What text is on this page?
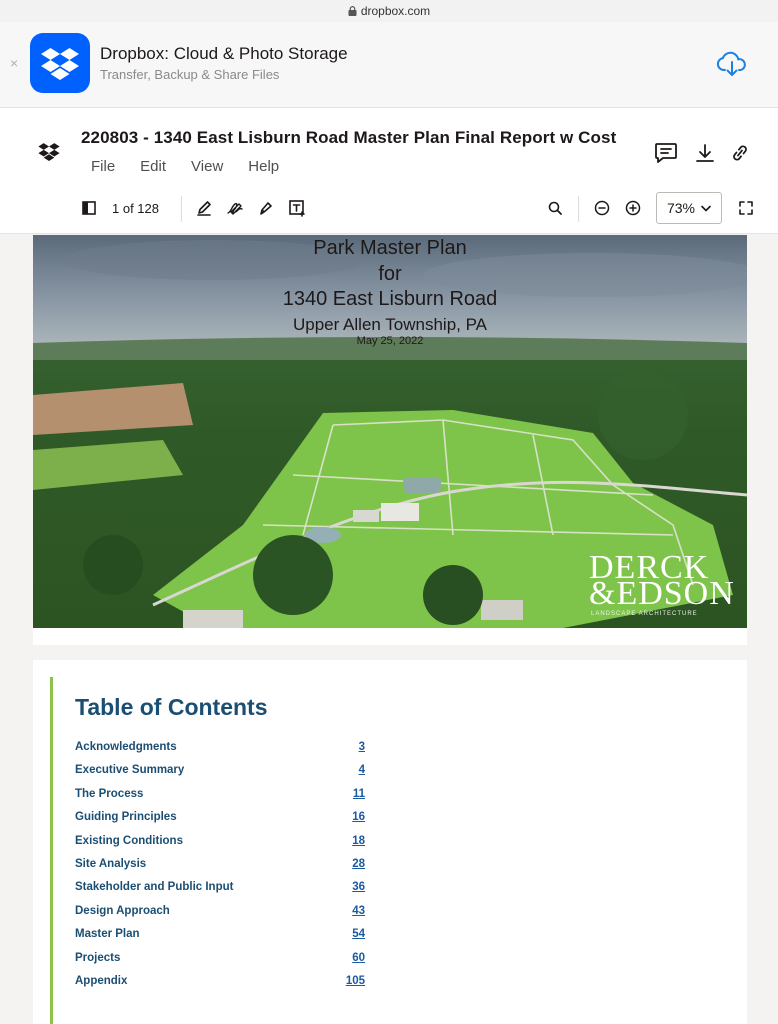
dropbox.com
×	Dropbox: Cloud & Photo Storage
Transfer, Backup & Share Files
220803 - 1340 East Lisburn Road Master Plan Final Report w Cost
File Edit View Help
1 of 128	73%
Park Master Plan
for
1340 East Lisburn Road
Upper Allen Township, PA
May 25, 2022
DERCK
&EDSON
LANDSCAPE ARCHITECTURE
Table of Contents
Acknowledgments	3
Executive Summary	4
The Process	11
Guiding Principles	16
Existing Conditions	18
Site Analysis	28
Stakeholder and Public Input	36
Design Approach	43
Master Plan	54
Projects	60
Appendix	105
